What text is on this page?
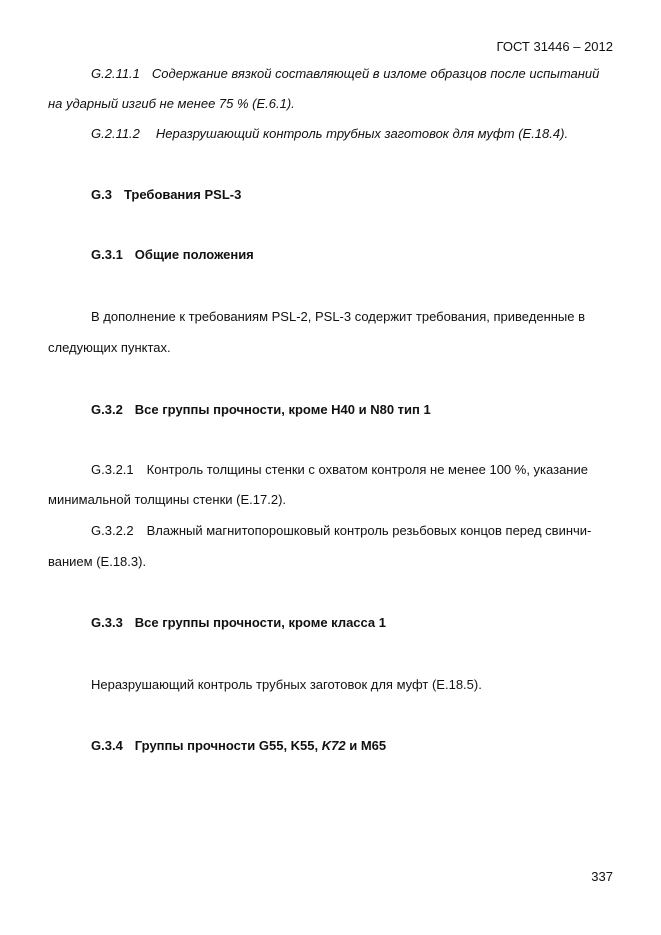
ГОСТ 31446 – 2012
G.2.11.1 Содержание вязкой составляющей в изломе образцов после испытаний
на ударный изгиб не менее 75 % (E.6.1).
G.2.11.2 Неразрушающий контроль трубных заготовок для муфт (E.18.4).
G.3 Требования PSL-3
G.3.1 Общие положения
В дополнение к требованиям PSL-2, PSL-3 содержит требования, приведенные в
следующих пунктах.
G.3.2 Все группы прочности, кроме Н40 и N80 тип 1
G.3.2.1 Контроль толщины стенки с охватом контроля не менее 100 %, указание
минимальной толщины стенки (Е.17.2).
G.3.2.2 Влажный магнитопорошковый контроль резьбовых концов перед свинчи-
ванием (Е.18.3).
G.3.3 Все группы прочности, кроме класса 1
Неразрушающий контроль трубных заготовок для муфт (Е.18.5).
G.3.4 Группы прочности G55, K55, K72 и M65
337
